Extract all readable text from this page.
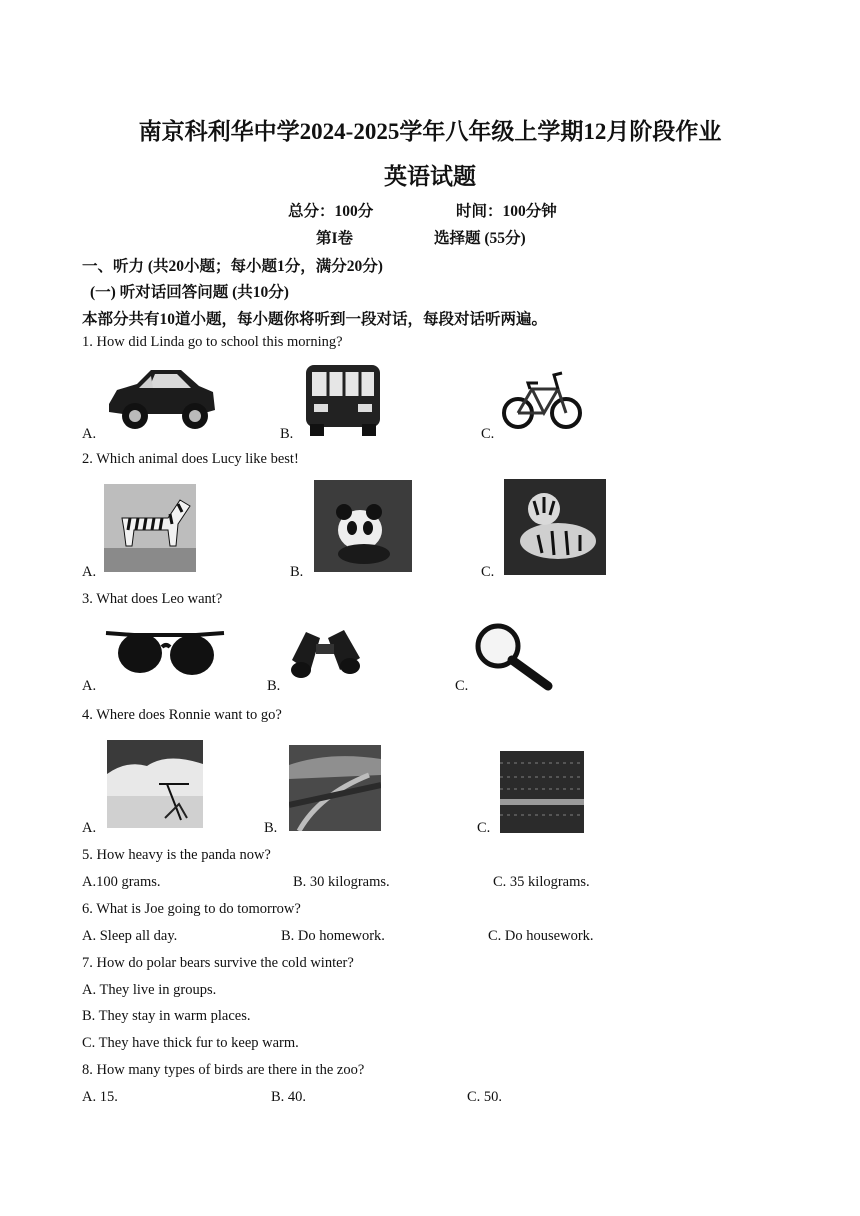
南京科利华中学2024-2025学年八年级上学期12月阶段作业
英语试题
总分：100分	时间：100分钟
第I卷	选择题 (55分)
一、听力 (共20小题；每小题1分，满分20分)
(一) 听对话回答问题 (共10分)
本部分共有10道小题，每小题你将听到一段对话，每段对话听两遍。
1. How did Linda go to school this morning?
A.	B.	C.
2. Which animal does Lucy like best!
A.	B.	C.
3. What does Leo want?
A.	B.	C.
4. Where does Ronnie want to go?
A.	B.	C.
5. How heavy is the panda now?
A.100 grams.	B. 30 kilograms.	C. 35 kilograms.
6. What is Joe going to do tomorrow?
A. Sleep all day.	B. Do homework.	C. Do housework.
7. How do polar bears survive the cold winter?
A. They live in groups.
B. They stay in warm places.
C. They have thick fur to keep warm.
8. How many types of birds are there in the zoo?
A. 15.	B. 40.	C. 50.
